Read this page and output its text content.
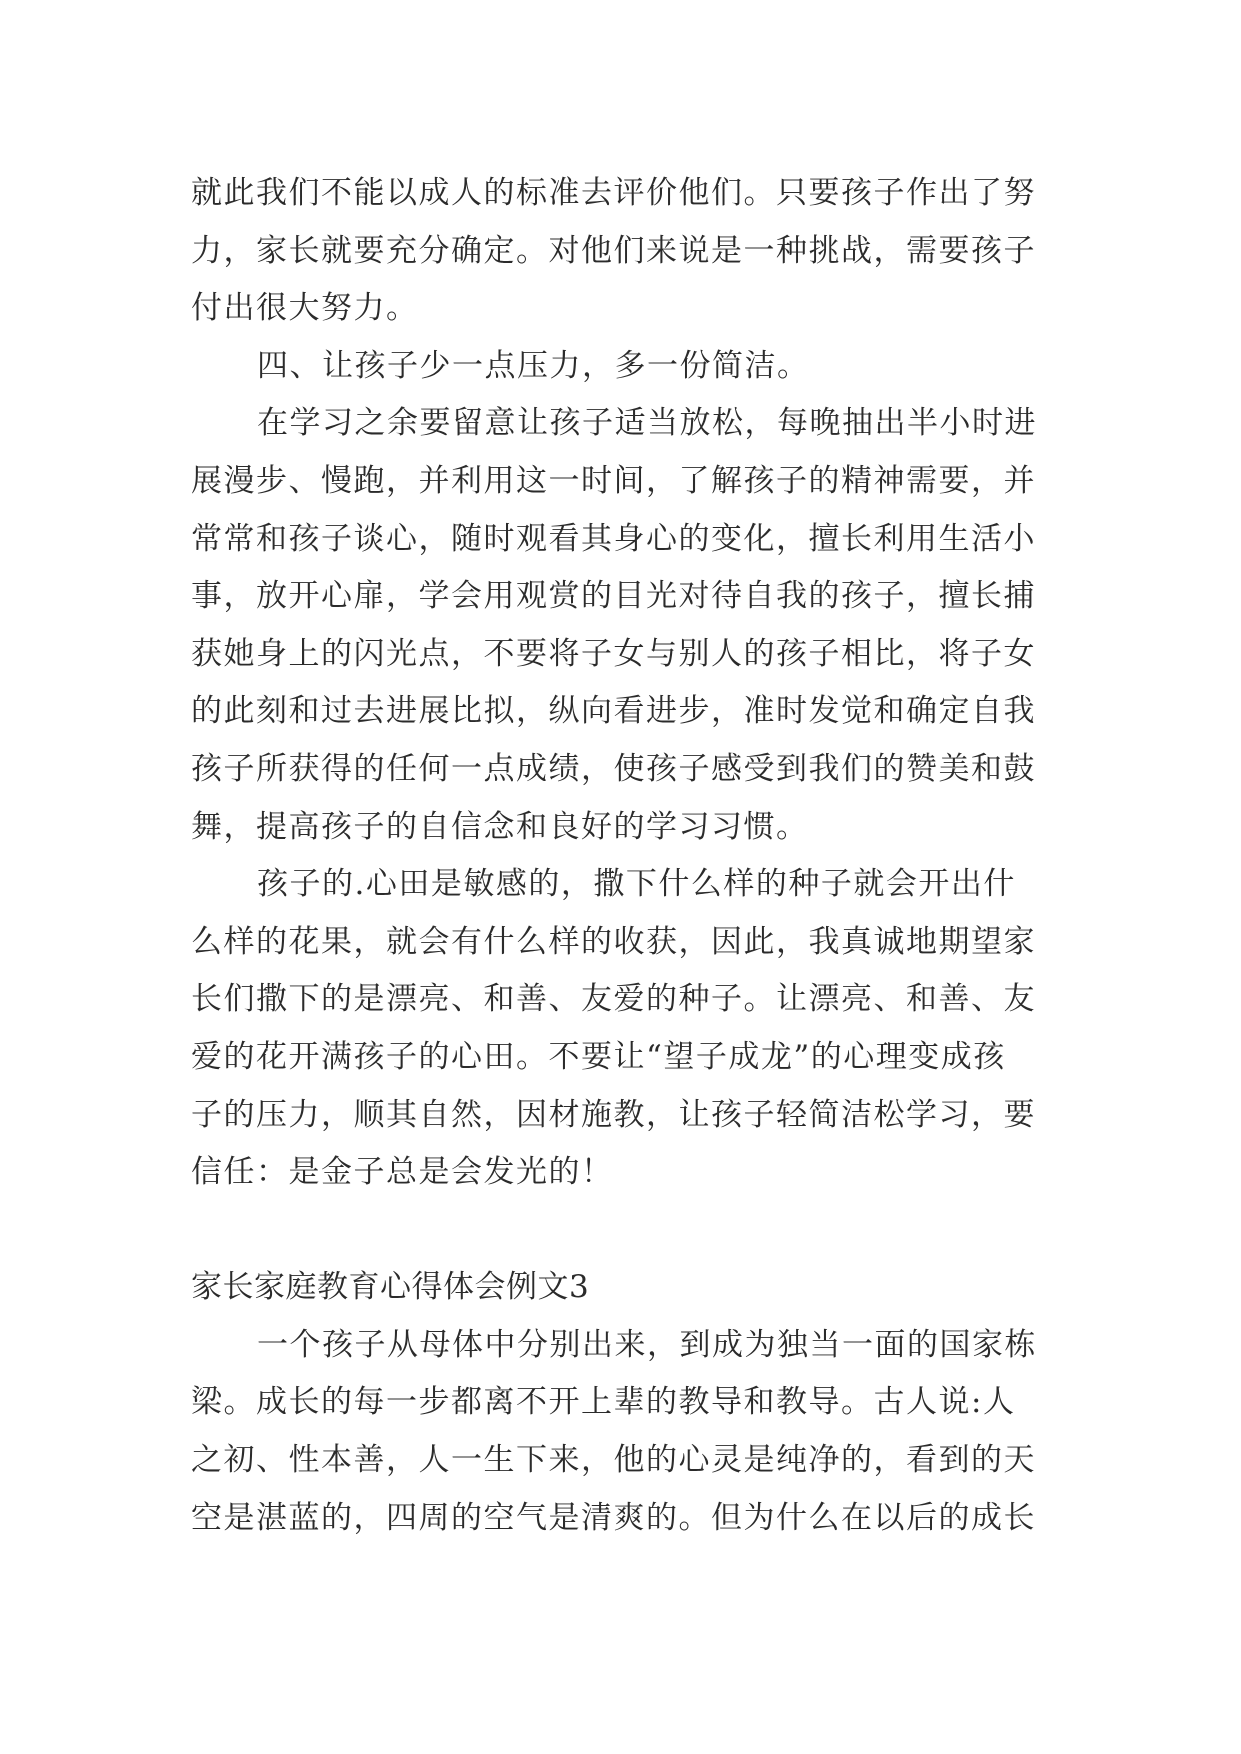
就此我们不能以成人的标准去评价他们。只要孩子作出了努
力，家长就要充分确定。对他们来说是一种挑战，需要孩子
付出很大努力。
四、让孩子少一点压力，多一份简洁。
在学习之余要留意让孩子适当放松，每晚抽出半小时进
展漫步、慢跑，并利用这一时间，了解孩子的精神需要，并
常常和孩子谈心，随时观看其身心的变化，擅长利用生活小
事，放开心扉，学会用观赏的目光对待自我的孩子，擅长捕
获她身上的闪光点，不要将子女与别人的孩子相比，将子女
的此刻和过去进展比拟，纵向看进步，准时发觉和确定自我
孩子所获得的任何一点成绩，使孩子感受到我们的赞美和鼓
舞，提高孩子的自信念和良好的学习习惯。
孩子的.心田是敏感的，撒下什么样的种子就会开出什
么样的花果，就会有什么样的收获，因此，我真诚地期望家
长们撒下的是漂亮、和善、友爱的种子。让漂亮、和善、友
爱的花开满孩子的心田。不要让“望子成龙”的心理变成孩
子的压力，顺其自然，因材施教，让孩子轻简洁松学习，要
信任：是金子总是会发光的！
家长家庭教育心得体会例文3
一个孩子从母体中分别出来，到成为独当一面的国家栋
梁。成长的每一步都离不开上辈的教导和教导。古人说:人
之初、性本善，人一生下来，他的心灵是纯净的，看到的天
空是湛蓝的，四周的空气是清爽的。但为什么在以后的成长
